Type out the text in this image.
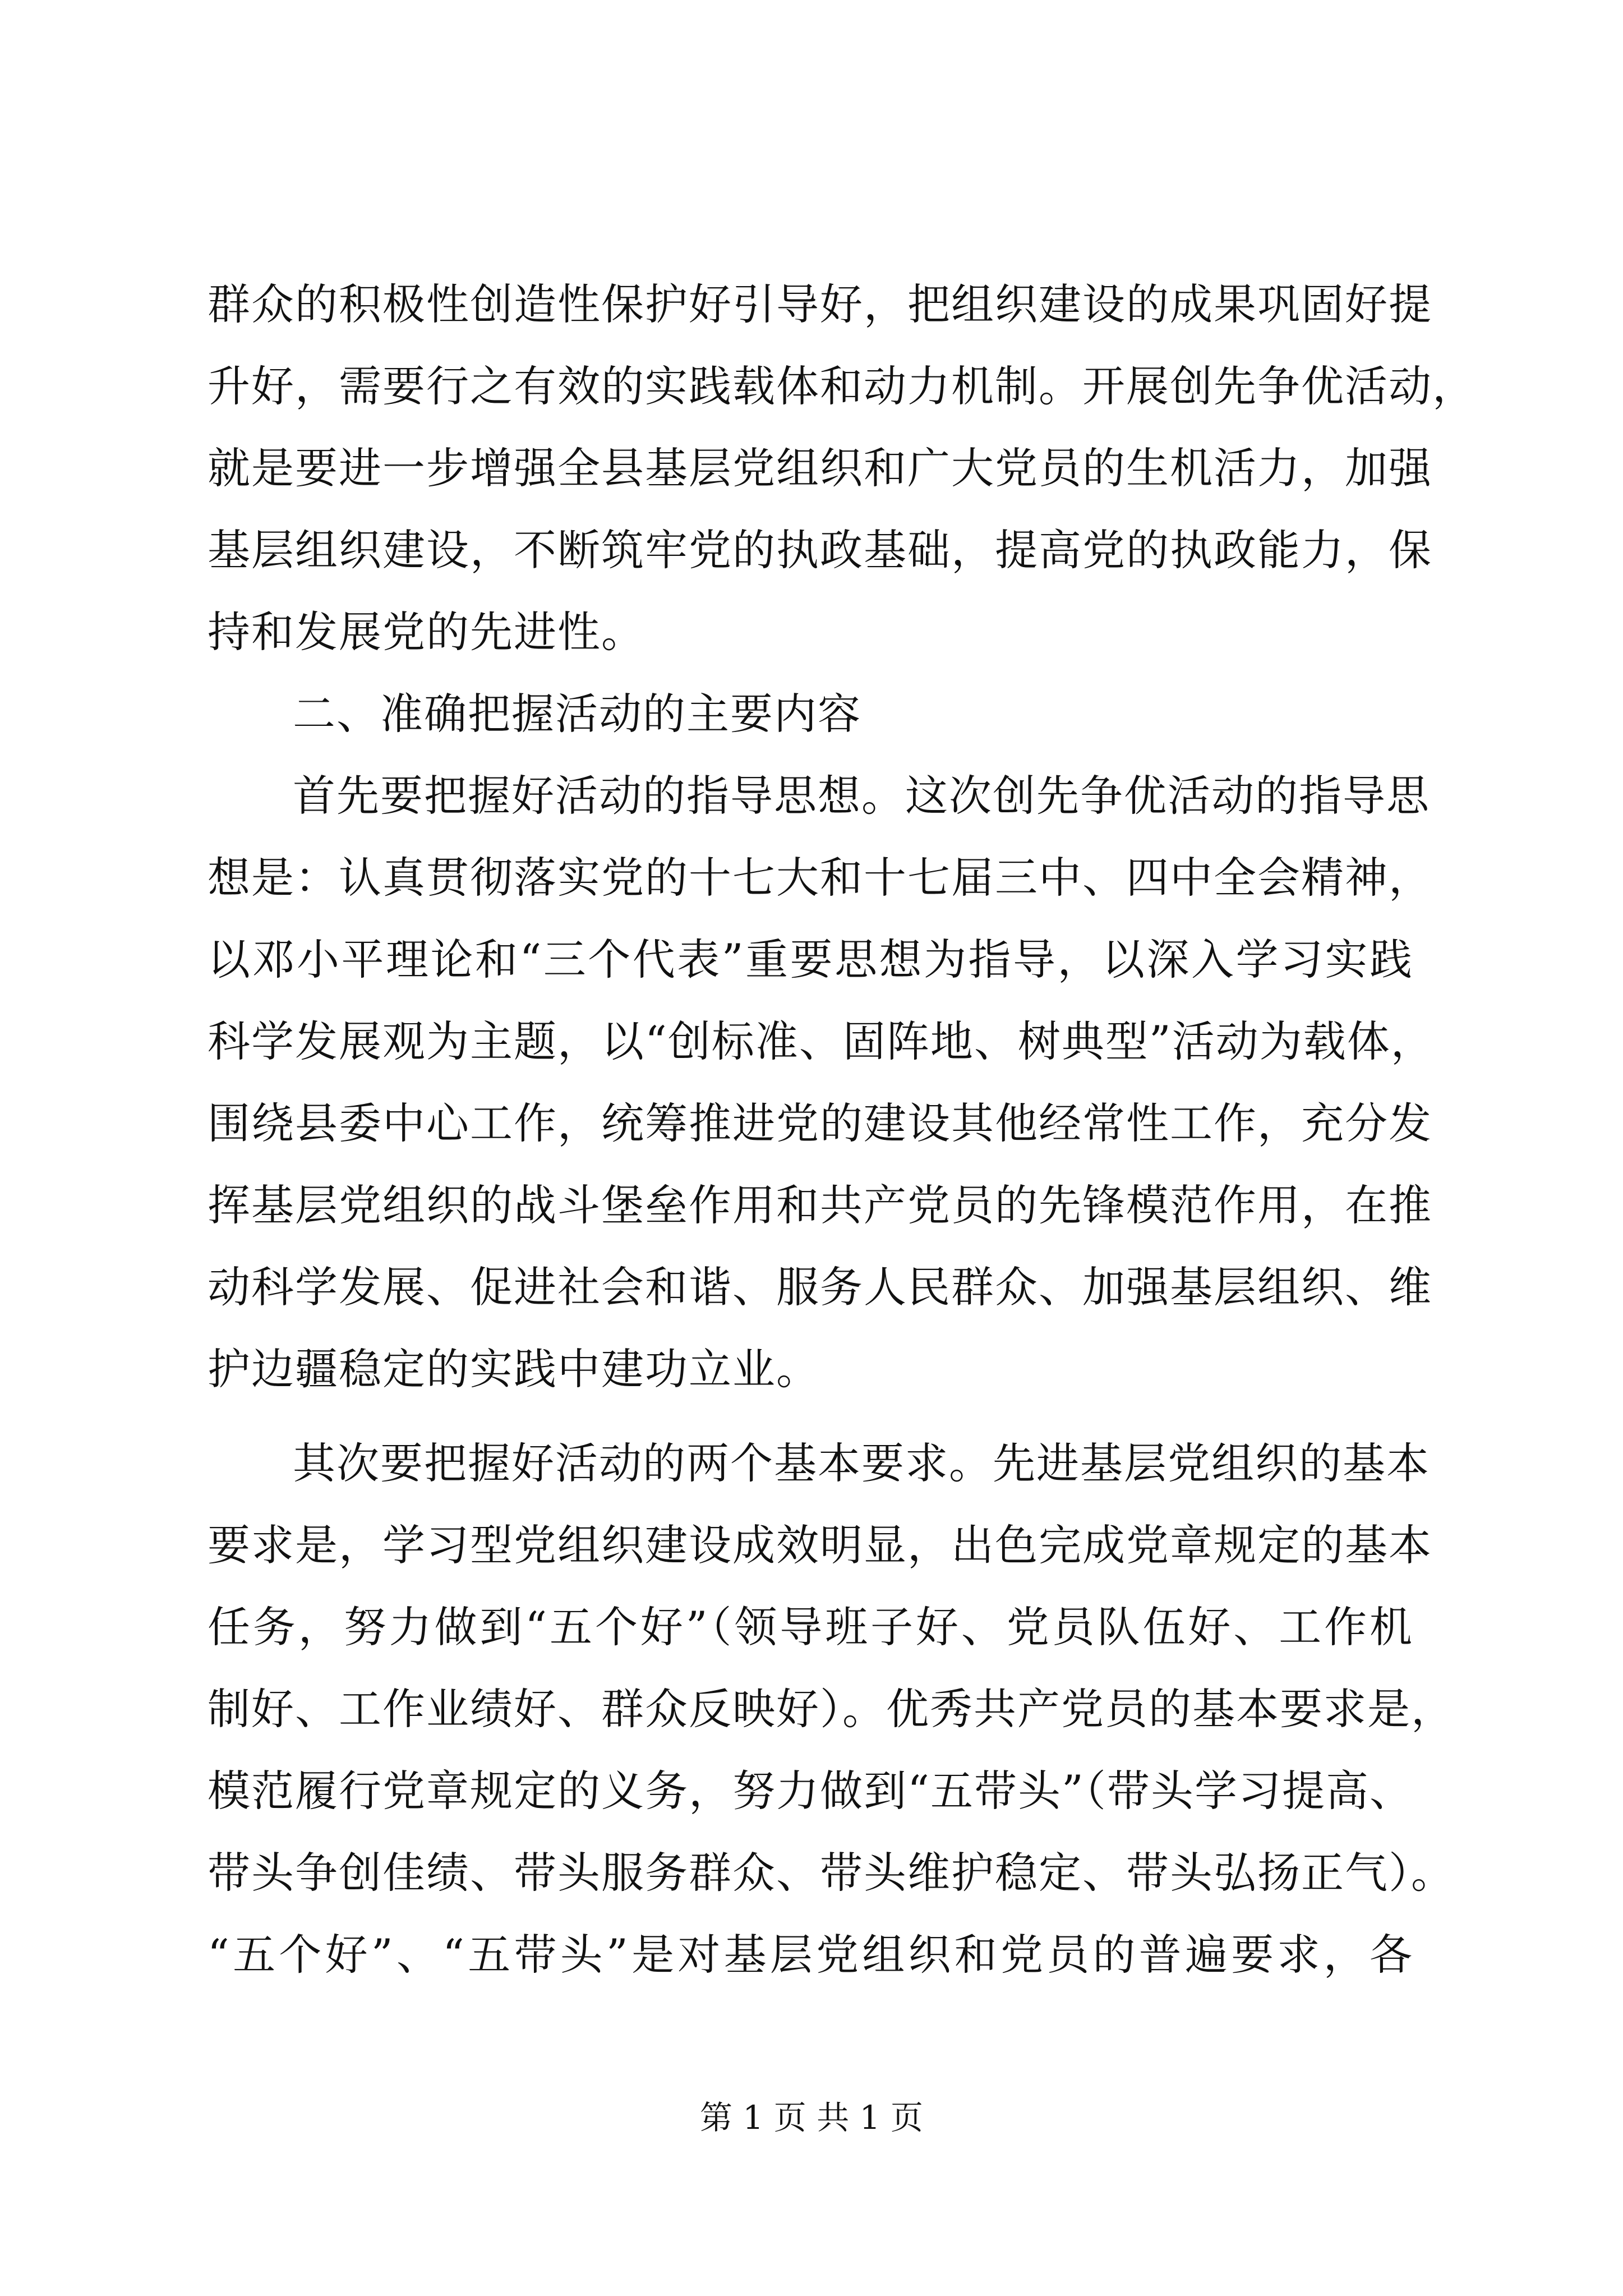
群众的积极性创造性保护好引导好，把组织建设的成果巩固好提
升好，需要行之有效的实践载体和动力机制。开展创先争优活动，
就是要进一步增强全县基层党组织和广大党员的生机活力，加强
基层组织建设，不断筑牢党的执政基础，提高党的执政能力，保
持和发展党的先进性。
二、准确把握活动的主要内容
首先要把握好活动的指导思想。这次创先争优活动的指导思
想是：认真贯彻落实党的十七大和十七届三中、四中全会精神，
以邓小平理论和“三个代表”重要思想为指导，以深入学习实践
科学发展观为主题，以“创标准、固阵地、树典型”活动为载体，
围绕县委中心工作，统筹推进党的建设其他经常性工作，充分发
挥基层党组织的战斗堡垒作用和共产党员的先锋模范作用，在推
动科学发展、促进社会和谐、服务人民群众、加强基层组织、维
护边疆稳定的实践中建功立业。
其次要把握好活动的两个基本要求。先进基层党组织的基本
要求是，学习型党组织建设成效明显，出色完成党章规定的基本
任务，努力做到“五个好”（领导班子好、党员队伍好、工作机
制好、工作业绩好、群众反映好）。优秀共产党员的基本要求是，
模范履行党章规定的义务，努力做到“五带头”（带头学习提高、
带头争创佳绩、带头服务群众、带头维护稳定、带头弘扬正气）。
“五个好”、“五带头”是对基层党组织和党员的普遍要求，各
第 1 页 共 1 页
